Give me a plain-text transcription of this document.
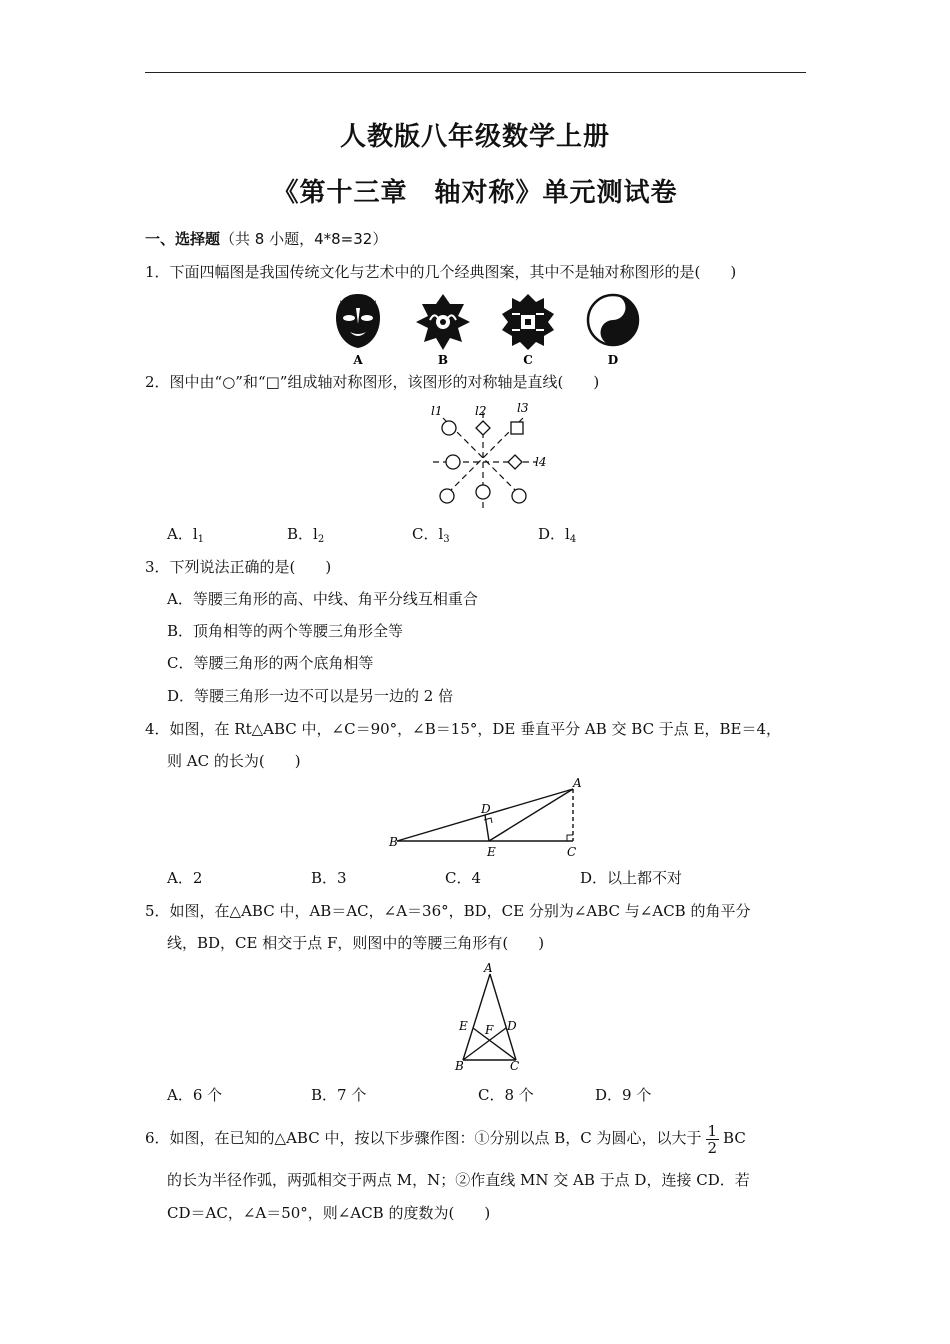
人教版八年级数学上册
《第十三章　轴对称》单元测试卷
一、选择题（共 8 小题，4*8=32）
1．下面四幅图是我国传统文化与艺术中的几个经典图案，其中不是轴对称图形的是(　　)
A	B	C	D
2．图中由“○”和“□”组成轴对称图形，该图形的对称轴是直线(　　)
l1	l2	l3
l4
A．$l_1$	B．$l_2$	C．$l_3$	D．$l_4$
3．下列说法正确的是(　　)
A．等腰三角形的高、中线、角平分线互相重合
B．顶角相等的两个等腰三角形全等
C．等腰三角形的两个底角相等
D．等腰三角形一边不可以是另一边的 2 倍
4．如图，在 Rt△ABC 中，∠C＝90°，∠B＝15°，DE 垂直平分 AB 交 BC 于点 E，BE＝4，
则 AC 的长为(　　)
A
B
C
D
E
A．2	B．3	C．4	D．以上都不对
5．如图，在△ABC 中，AB＝AC，∠A＝36°，BD，CE 分别为∠ABC 与∠ACB 的角平分
线，BD，CE 相交于点 F，则图中的等腰三角形有(　　)
A
B	C
D
E F
A．6 个	B．7 个	C．8 个	D．9 个
6．如图，在已知的△ABC 中，按以下步骤作图：①分别以点 B，C 为圆心，以大于 $\frac{1}{2}$ BC
的长为半径作弧，两弧相交于两点 M，N；②作直线 MN 交 AB 于点 D，连接 CD．若
CD＝AC，∠A＝50°，则∠ACB 的度数为(　　)
